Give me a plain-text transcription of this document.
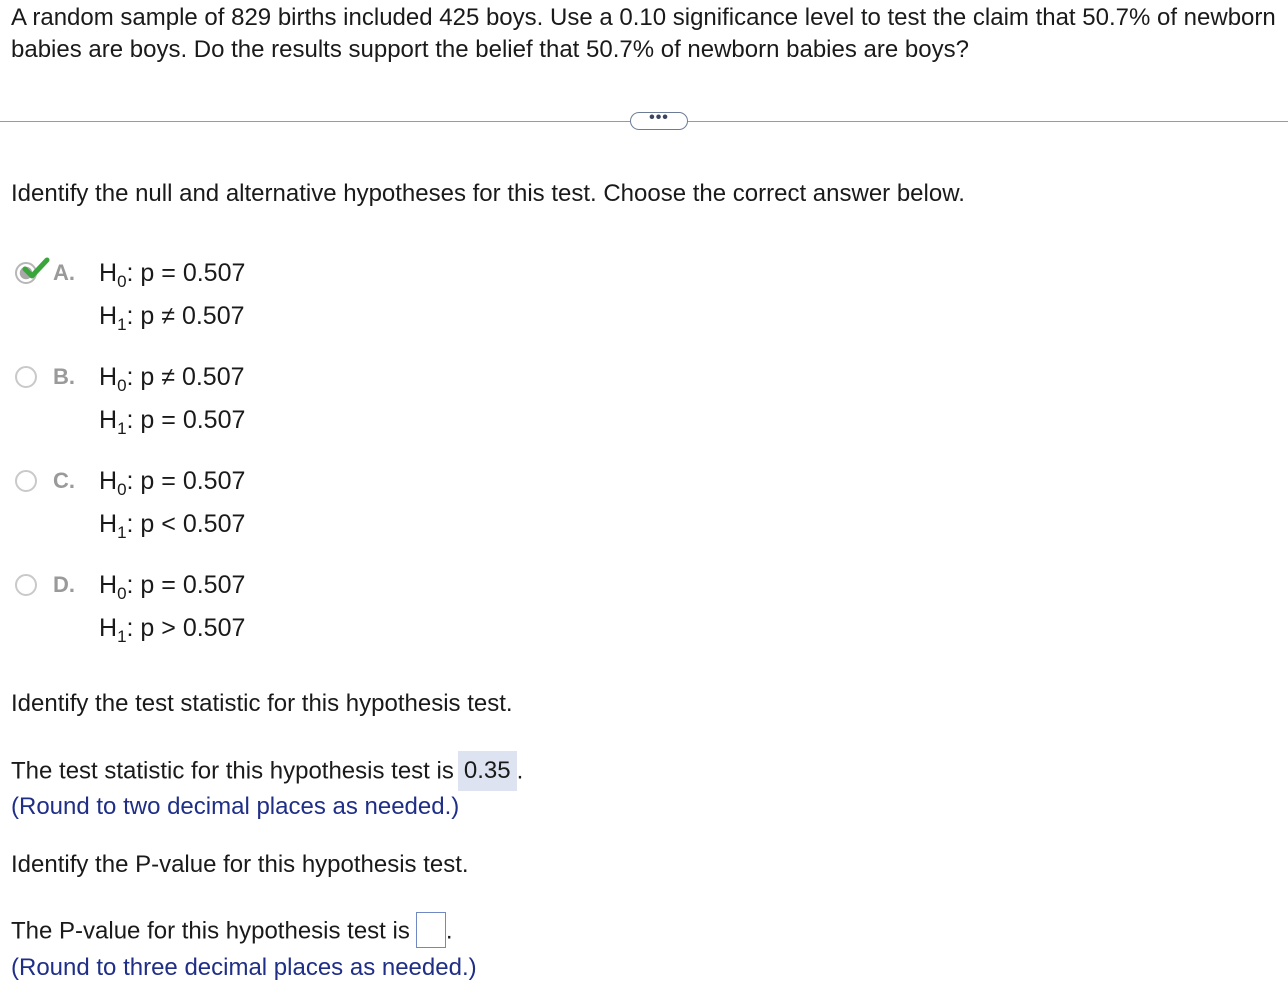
A random sample of 829 births included 425 boys. Use a 0.10 significance level to test the claim that 50.7% of newborn babies are boys. Do the results support the belief that 50.7% of newborn babies are boys?

•••

Identify the null and alternative hypotheses for this test. Choose the correct answer below.

A. $H_0$: p = 0.507
$H_1$: p ≠ 0.507
B. $H_0$: p ≠ 0.507
$H_1$: p = 0.507
C. $H_0$: p = 0.507
$H_1$: p < 0.507
D. $H_0$: p = 0.507
$H_1$: p > 0.507

Identify the test statistic for this hypothesis test.

The test statistic for this hypothesis test is 0.35 .

(Round to two decimal places as needed.)

Identify the P-value for this hypothesis test.

The P-value for this hypothesis test is .

(Round to three decimal places as needed.)
